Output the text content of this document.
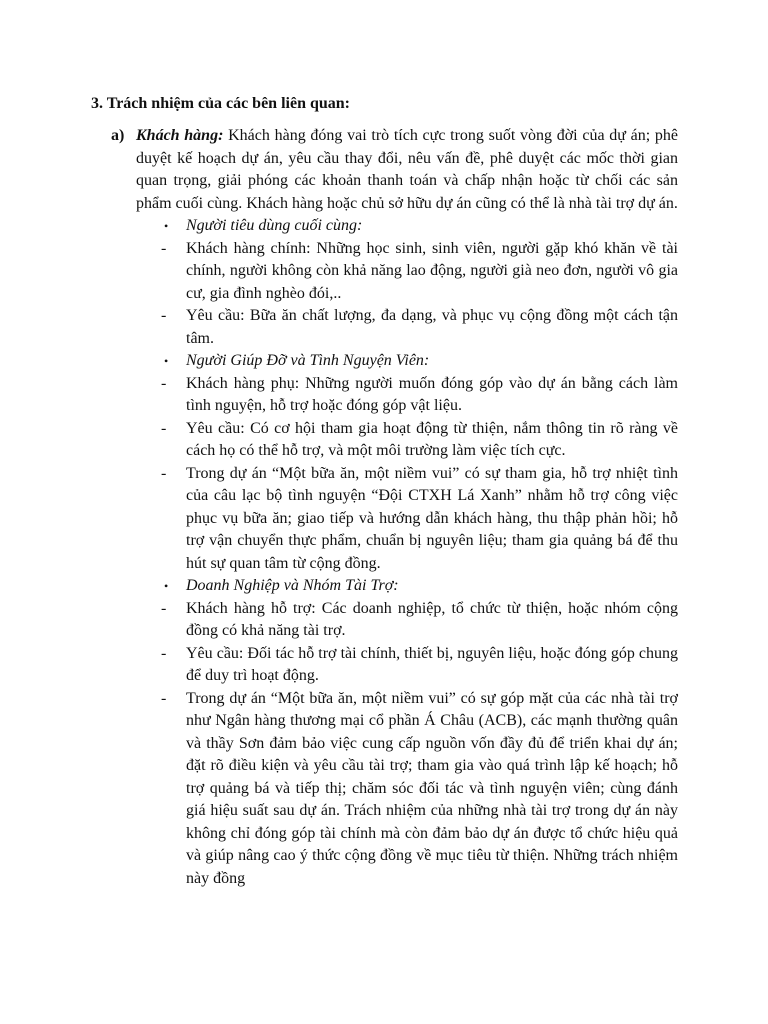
3. Trách nhiệm của các bên liên quan:
a) Khách hàng: Khách hàng đóng vai trò tích cực trong suốt vòng đời của dự án; phê duyệt kế hoạch dự án, yêu cầu thay đổi, nêu vấn đề, phê duyệt các mốc thời gian quan trọng, giải phóng các khoản thanh toán và chấp nhận hoặc từ chối các sản phẩm cuối cùng. Khách hàng hoặc chủ sở hữu dự án cũng có thể là nhà tài trợ dự án.
• Người tiêu dùng cuối cùng:
- Khách hàng chính: Những học sinh, sinh viên, người gặp khó khăn về tài chính, người không còn khả năng lao động, người già neo đơn, người vô gia cư, gia đình nghèo đói,..
- Yêu cầu: Bữa ăn chất lượng, đa dạng, và phục vụ cộng đồng một cách tận tâm.
• Người Giúp Đỡ và Tình Nguyện Viên:
- Khách hàng phụ: Những người muốn đóng góp vào dự án bằng cách làm tình nguyện, hỗ trợ hoặc đóng góp vật liệu.
- Yêu cầu: Có cơ hội tham gia hoạt động từ thiện, nắm thông tin rõ ràng về cách họ có thể hỗ trợ, và một môi trường làm việc tích cực.
- Trong dự án “Một bữa ăn, một niềm vui” có sự tham gia, hỗ trợ nhiệt tình của câu lạc bộ tình nguyện “Đội CTXH Lá Xanh” nhằm hỗ trợ công việc phục vụ bữa ăn; giao tiếp và hướng dẫn khách hàng, thu thập phản hồi; hỗ trợ vận chuyển thực phẩm, chuẩn bị nguyên liệu; tham gia quảng bá để thu hút sự quan tâm từ cộng đồng.
• Doanh Nghiệp và Nhóm Tài Trợ:
- Khách hàng hỗ trợ: Các doanh nghiệp, tổ chức từ thiện, hoặc nhóm cộng đồng có khả năng tài trợ.
- Yêu cầu: Đối tác hỗ trợ tài chính, thiết bị, nguyên liệu, hoặc đóng góp chung để duy trì hoạt động.
- Trong dự án “Một bữa ăn, một niềm vui” có sự góp mặt của các nhà tài trợ như Ngân hàng thương mại cổ phần Á Châu (ACB), các mạnh thường quân và thầy Sơn đảm bảo việc cung cấp nguồn vốn đầy đủ để triển khai dự án; đặt rõ điều kiện và yêu cầu tài trợ; tham gia vào quá trình lập kế hoạch; hỗ trợ quảng bá và tiếp thị; chăm sóc đối tác và tình nguyện viên; cùng đánh giá hiệu suất sau dự án. Trách nhiệm của những nhà tài trợ trong dự án này không chỉ đóng góp tài chính mà còn đảm bảo dự án được tổ chức hiệu quả và giúp nâng cao ý thức cộng đồng về mục tiêu từ thiện. Những trách nhiệm này đồng
